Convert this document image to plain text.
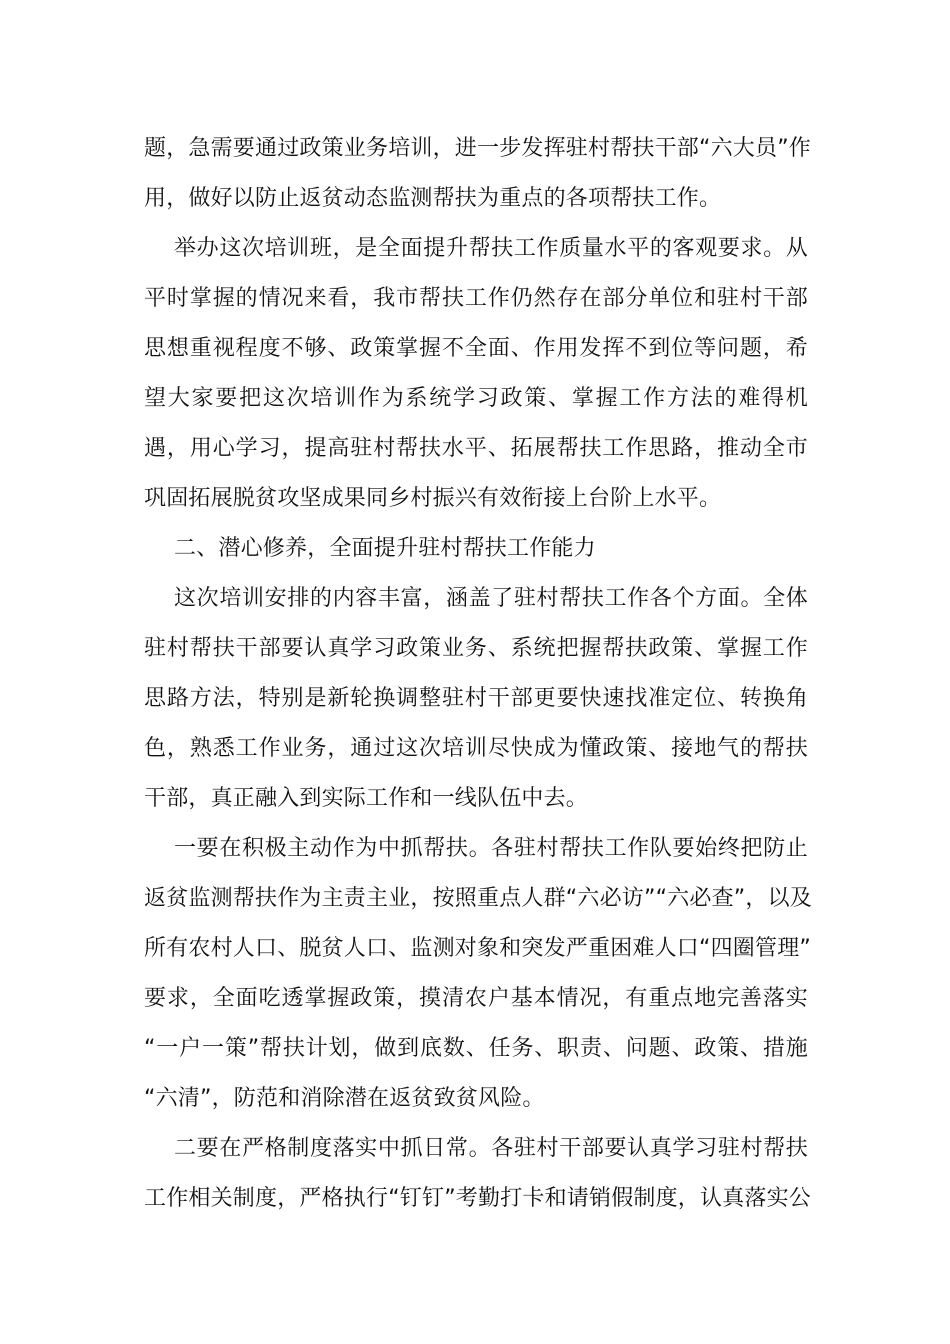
题，急需要通过政策业务培训，进一步发挥驻村帮扶干部“六大员”作
用，做好以防止返贫动态监测帮扶为重点的各项帮扶工作。
举办这次培训班，是全面提升帮扶工作质量水平的客观要求。从
平时掌握的情况来看，我市帮扶工作仍然存在部分单位和驻村干部
思想重视程度不够、政策掌握不全面、作用发挥不到位等问题，希
望大家要把这次培训作为系统学习政策、掌握工作方法的难得机
遇，用心学习，提高驻村帮扶水平、拓展帮扶工作思路，推动全市
巩固拓展脱贫攻坚成果同乡村振兴有效衔接上台阶上水平。
二、潜心修养，全面提升驻村帮扶工作能力
这次培训安排的内容丰富，涵盖了驻村帮扶工作各个方面。全体
驻村帮扶干部要认真学习政策业务、系统把握帮扶政策、掌握工作
思路方法，特别是新轮换调整驻村干部更要快速找准定位、转换角
色，熟悉工作业务，通过这次培训尽快成为懂政策、接地气的帮扶
干部，真正融入到实际工作和一线队伍中去。
一要在积极主动作为中抓帮扶。各驻村帮扶工作队要始终把防止
返贫监测帮扶作为主责主业，按照重点人群“六必访”“六必查”，以及
所有农村人口、脱贫人口、监测对象和突发严重困难人口“四圈管理”
要求，全面吃透掌握政策，摸清农户基本情况，有重点地完善落实
“一户一策”帮扶计划，做到底数、任务、职责、问题、政策、措施
“六清”，防范和消除潜在返贫致贫风险。
二要在严格制度落实中抓日常。各驻村干部要认真学习驻村帮扶
工作相关制度，严格执行“钉钉”考勤打卡和请销假制度，认真落实公
